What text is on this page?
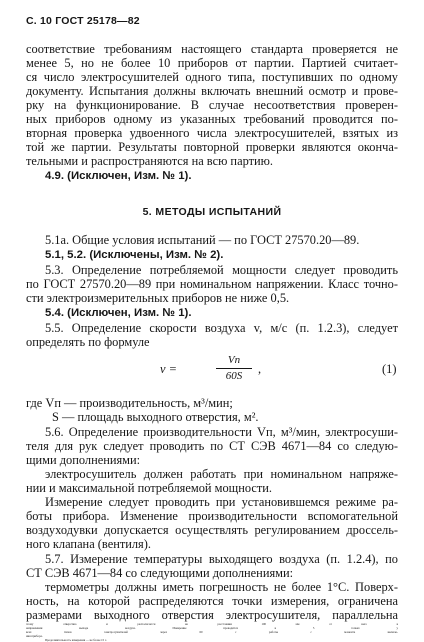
С. 10 ГОСТ 25178—82
соответствие требованиям настоящего стандарта проверяется не
менее 5, но не более 10 приборов от партии. Партией считает-
ся число электросушителей одного типа, поступивших по одному
документу. Испытания должны включать внешний осмотр и прове-
рку на функционирование. В случае несоответствия проверен-
ных приборов одному из указанных требований проводится по-
вторная проверка удвоенного числа электросушителей, взятых из
той же партии. Результаты повторной проверки являются оконча-
тельными и распространяются на всю партию.
4.9. (Исключен, Изм. № 1).
5. МЕТОДЫ ИСПЫТАНИЙ
5.1а. Общие условия испытаний — по ГОСТ 27570.20—89.
5.1, 5.2. (Исключены, Изм. № 2).
5.3. Определение потребляемой мощности следует проводить
по ГОСТ 27570.20—89 при номинальном напряжении. Класс точно-
сти электроизмерительных приборов не ниже 0,5.
5.4. (Исключен, Изм. № 1).
5.5. Определение скорости воздуха v, м/с (п. 1.2.3), следует
определять по формуле
v =
Vп
60S	,	(1)
где Vп — производительность, м³/мин;
S — площадь выходного отверстия, м².
5.6. Определение производительности Vп, м³/мин, электросуши-
теля для рук следует проводить по СТ СЭВ 4671—84 со следую-
щими дополнениями:
электросушитель должен работать при номинальном напряже-
нии и максимальной потребляемой мощности.
Измерение следует проводить при установившемся режиме ра-
боты прибора. Изменение производительности вспомогательной
воздуходувки допускается осуществлять регулированием дроссель-
ного клапана (вентиля).
5.7. Измерение температуры выходящего воздуха (п. 1.2.4), по
СТ СЭВ 4671—84 со следующими дополнениями:
термометры должны иметь погрешность не более 1°С. Поверх-
ность, на которой распределяются точки измерения, ограничена
размерами выходного отверстия электросушителя, параллельна
этому отверстию и располагается на расстоянии 100 мм от него в
направлении выхода воздуха. Измерение проводится в 5 точках у
всех типов электросушителей через 60 с работы с момента включе-
ния прибора.
Продолжительность измерения — не более 15 с.
